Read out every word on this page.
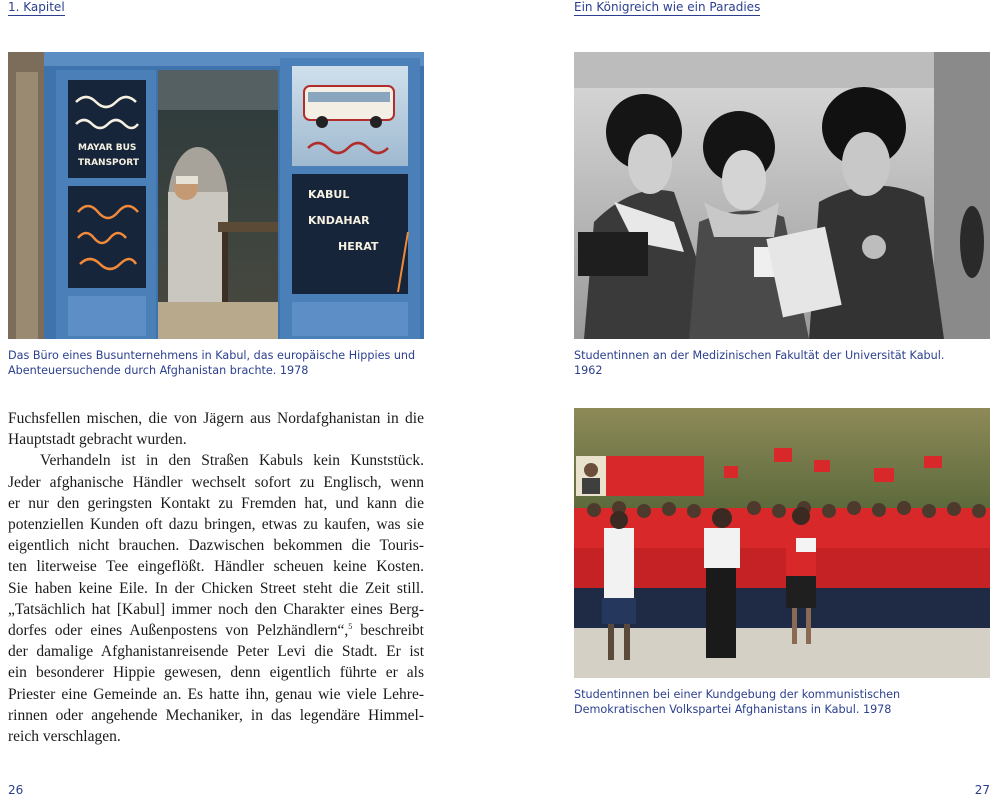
1. Kapitel	Ein Königreich wie ein Paradies
MAYAR BUS
TRANSPORT
KABUL
KNDAHAR
HERAT
Das Büro eines Busunternehmens in Kabul, das europäische Hippies und
Abenteuersuchende durch Afghanistan brachte. 1978
Studentinnen an der Medizinischen Fakultät der Universität Kabul.
1962
Studentinnen bei einer Kundgebung der kommunistischen
Demokratischen Volkspartei Afghanistans in Kabul. 1978
Fuchsfellen mischen, die von Jägern aus Nordafghanistan in die
Hauptstadt gebracht wurden.
Verhandeln ist in den Straßen Kabuls kein Kunststück.
Jeder afghanische Händler wechselt sofort zu Englisch, wenn
er nur den geringsten Kontakt zu Fremden hat, und kann die
potenziellen Kunden oft dazu bringen, etwas zu kaufen, was sie
eigentlich nicht brauchen. Dazwischen bekommen die Touris-
ten literweise Tee eingeflößt. Händler scheuen keine Kosten.
Sie haben keine Eile. In der Chicken Street steht die Zeit still.
„Tatsächlich hat [Kabul] immer noch den Charakter eines Berg-
dorfes oder eines Außenpostens von Pelzhändlern“,$^5$ beschreibt
der damalige Afghanistanreisende Peter Levi die Stadt. Er ist
ein besonderer Hippie gewesen, denn eigentlich führte er als
Priester eine Gemeinde an. Es hatte ihn, genau wie viele Lehre-
rinnen oder angehende Mechaniker, in das legendäre Himmel-
reich verschlagen.
26	27
